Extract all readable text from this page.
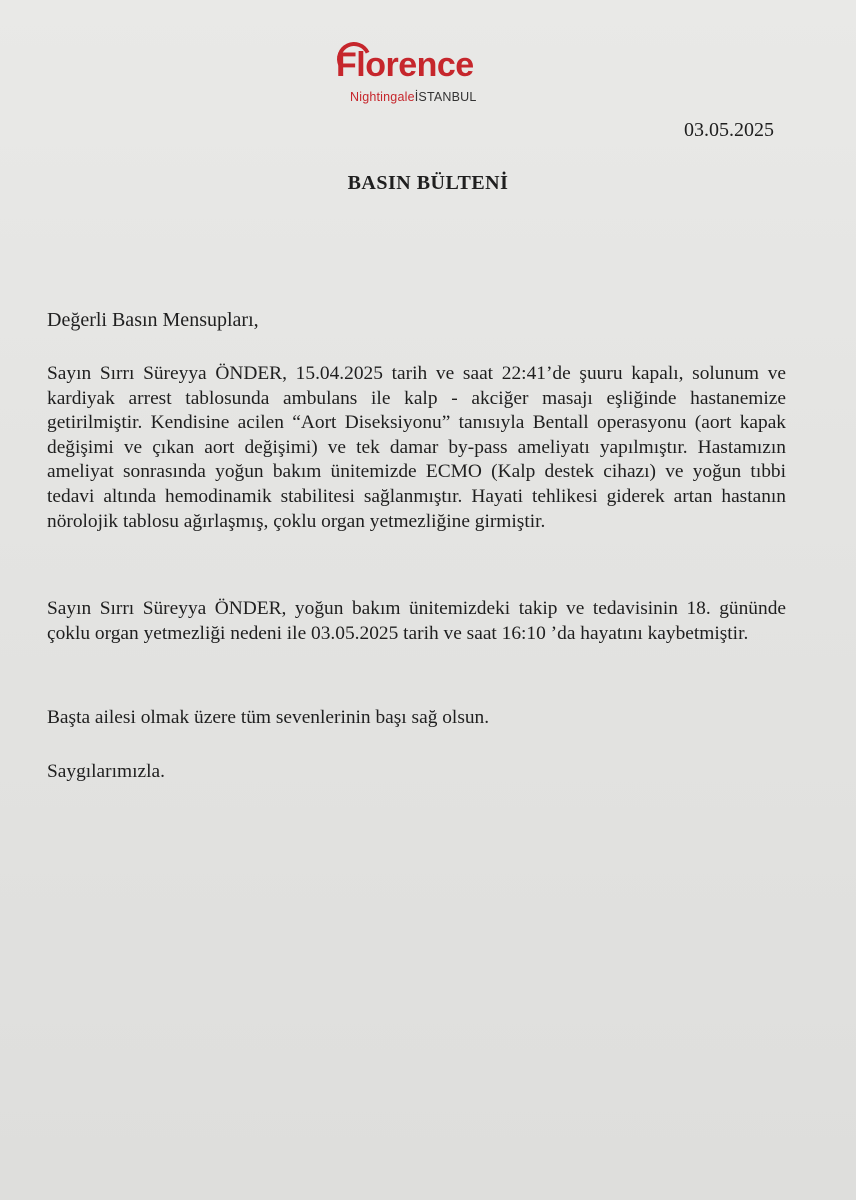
Florence
NightingaleİSTANBUL
03.05.2025
BASIN BÜLTENİ
Değerli Basın Mensupları,
Sayın Sırrı Süreyya ÖNDER, 15.04.2025 tarih ve saat 22:41’de şuuru kapalı, solunum ve kardiyak arrest tablosunda ambulans ile kalp - akciğer masajı eşliğinde hastanemize getirilmiştir. Kendisine acilen “Aort Diseksiyonu” tanısıyla Bentall operasyonu (aort kapak değişimi ve çıkan aort değişimi) ve tek damar by-pass ameliyatı yapılmıştır. Hastamızın ameliyat sonrasında yoğun bakım ünitemizde ECMO (Kalp destek cihazı) ve yoğun tıbbi tedavi altında hemodinamik stabilitesi sağlanmıştır. Hayati tehlikesi giderek artan hastanın nörolojik tablosu ağırlaşmış, çoklu organ yetmezliğine girmiştir.
Sayın Sırrı Süreyya ÖNDER, yoğun bakım ünitemizdeki takip ve tedavisinin 18. gününde çoklu organ yetmezliği nedeni ile 03.05.2025 tarih ve saat 16:10 ’da hayatını kaybetmiştir.
Başta ailesi olmak üzere tüm sevenlerinin başı sağ olsun.
Saygılarımızla.
